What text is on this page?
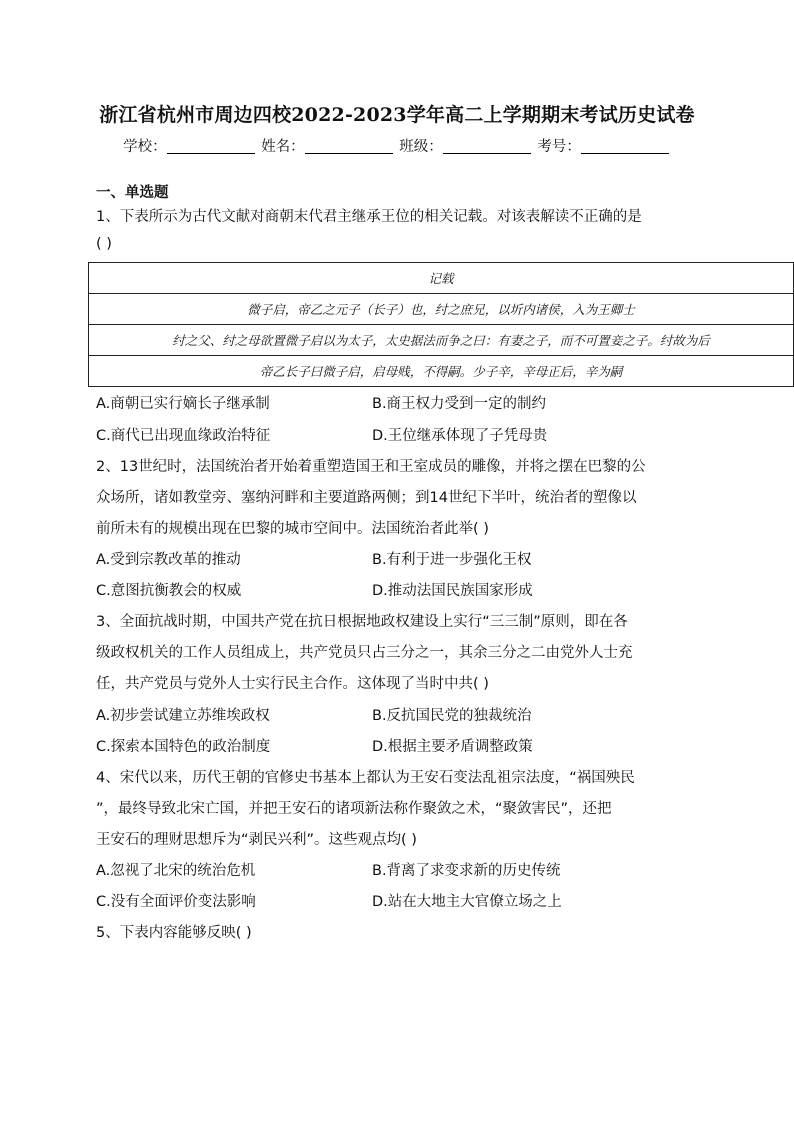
浙江省杭州市周边四校2022-2023学年高二上学期期末考试历史试卷
学校：	姓名：	班级：	考号：
一、单选题
1、下表所示为古代文献对商朝末代君主继承王位的相关记载。对该表解读不正确的是
( )
记载
微子启，帝乙之元子（长子）也，纣之庶兄，以圻内诸侯，入为王卿士
纣之父、纣之母欲置微子启以为太子，太史据法而争之曰：有妻之子，而不可置妾之子。纣故为后
帝乙长子曰微子启，启母贱，不得嗣。少子辛，辛母正后，辛为嗣
A.商朝已实行嫡长子继承制	B.商王权力受到一定的制约
C.商代已出现血缘政治特征	D.王位继承体现了子凭母贵
2、13世纪时，法国统治者开始着重塑造国王和王室成员的雕像，并将之摆在巴黎的公
众场所，诸如教堂旁、塞纳河畔和主要道路两侧；到14世纪下半叶，统治者的塑像以
前所未有的规模出现在巴黎的城市空间中。法国统治者此举( )
A.受到宗教改革的推动	B.有利于进一步强化王权
C.意图抗衡教会的权威	D.推动法国民族国家形成
3、全面抗战时期，中国共产党在抗日根据地政权建设上实行“三三制”原则，即在各
级政权机关的工作人员组成上，共产党员只占三分之一，其余三分之二由党外人士充
任，共产党员与党外人士实行民主合作。这体现了当时中共( )
A.初步尝试建立苏维埃政权	B.反抗国民党的独裁统治
C.探索本国特色的政治制度	D.根据主要矛盾调整政策
4、宋代以来，历代王朝的官修史书基本上都认为王安石变法乱祖宗法度，“祸国殃民
”，最终导致北宋亡国，并把王安石的诸项新法称作聚敛之术，“聚敛害民”，还把
王安石的理财思想斥为“剥民兴利”。这些观点均( )
A.忽视了北宋的统治危机	B.背离了求变求新的历史传统
C.没有全面评价变法影响	D.站在大地主大官僚立场之上
5、下表内容能够反映( )
